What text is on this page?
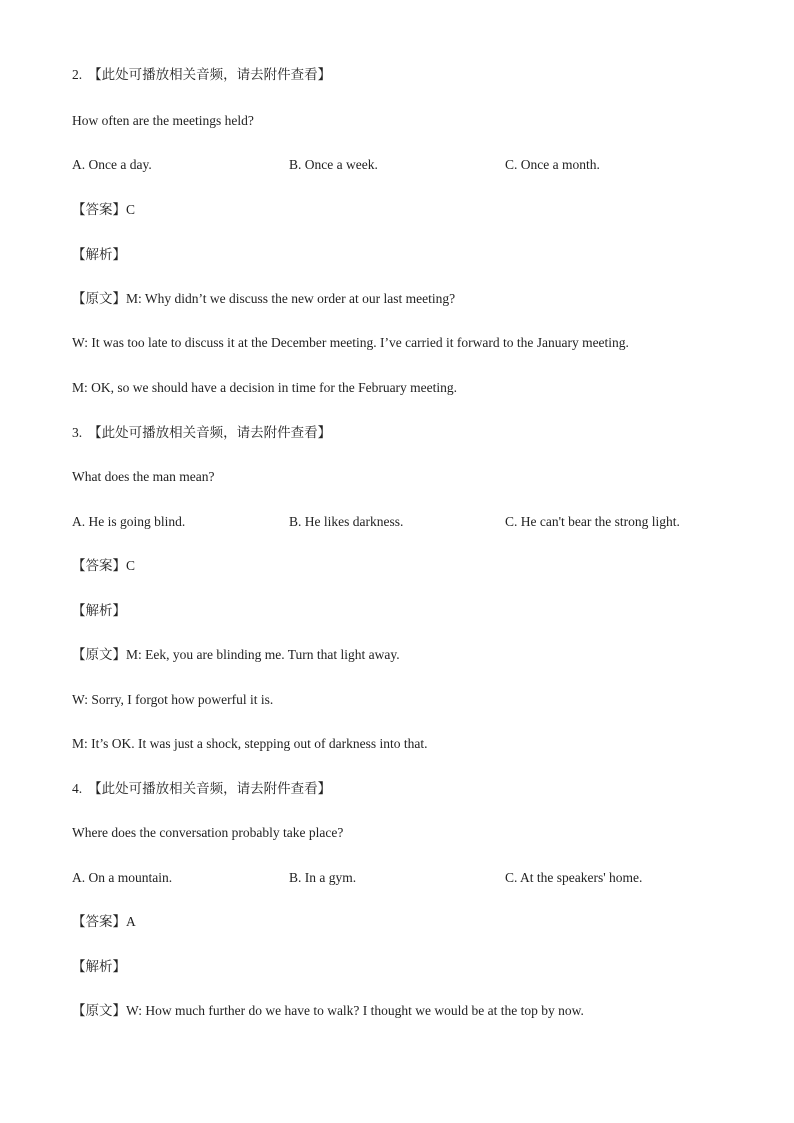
2. 【此处可播放相关音频，请去附件查看】
How often are the meetings held?
A. Once a day.	B. Once a week.	C. Once a month.
【答案】C
【解析】
【原文】M: Why didn’t we discuss the new order at our last meeting?
W: It was too late to discuss it at the December meeting. I’ve carried it forward to the January meeting.
M: OK, so we should have a decision in time for the February meeting.
3. 【此处可播放相关音频，请去附件查看】
What does the man mean?
A. He is going blind.	B. He likes darkness.	C. He can't bear the strong light.
【答案】C
【解析】
【原文】M: Eek, you are blinding me. Turn that light away.
W: Sorry, I forgot how powerful it is.
M: It’s OK. It was just a shock, stepping out of darkness into that.
4. 【此处可播放相关音频，请去附件查看】
Where does the conversation probably take place?
A. On a mountain.	B. In a gym.	C. At the speakers' home.
【答案】A
【解析】
【原文】W: How much further do we have to walk? I thought we would be at the top by now.
